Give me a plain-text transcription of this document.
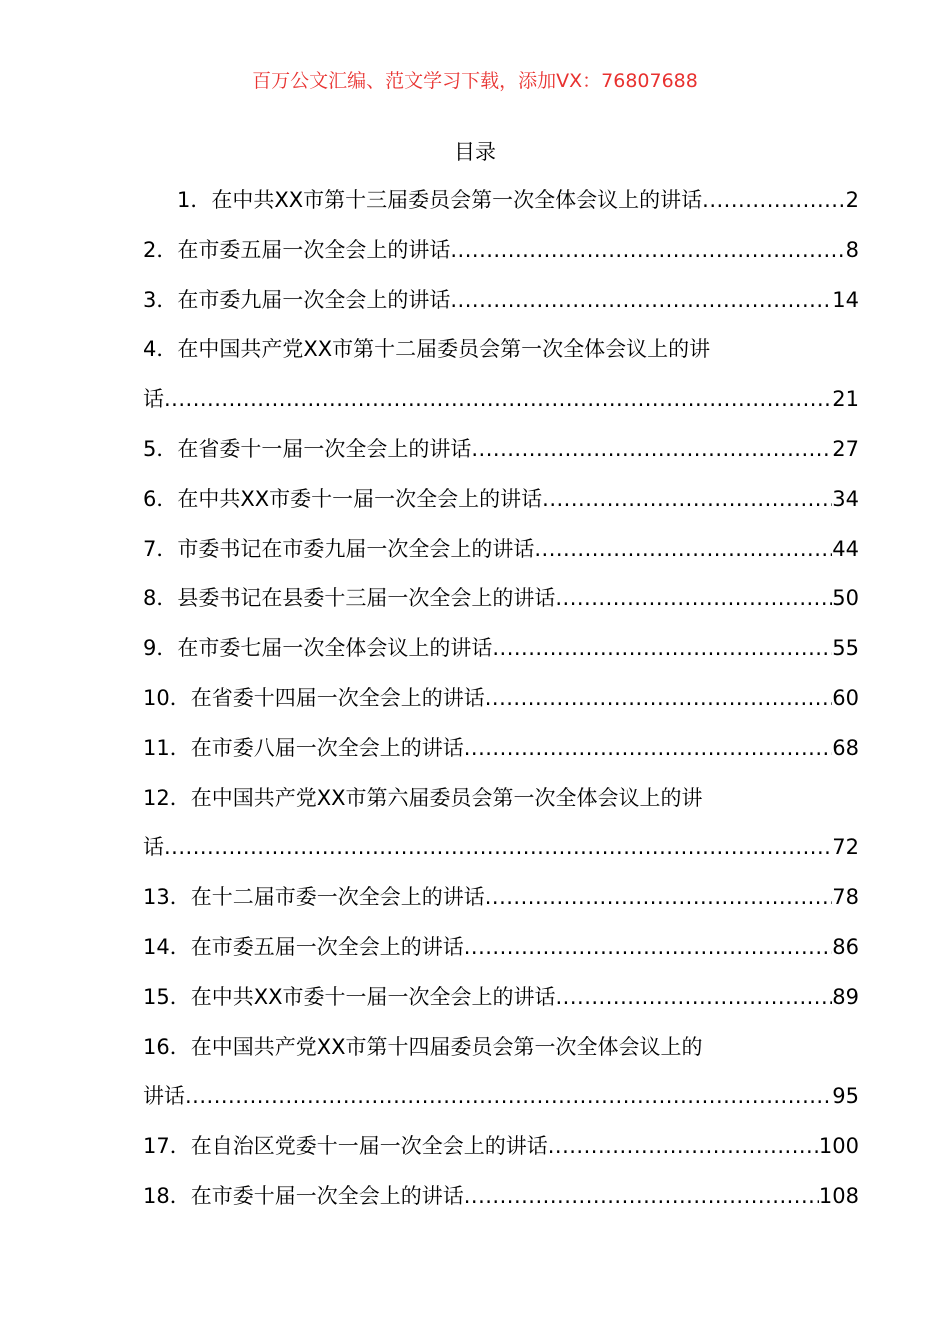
百万公文汇编、范文学习下载，添加VX：76807688
目录
1．在中共XX市第十三届委员会第一次全体会议上的讲话 .....	2
2．在市委五届一次全会上的讲话 .....	8
3．在市委九届一次全会上的讲话 .....	14
4．在中国共产党XX市第十二届委员会第一次全体会议上的讲
话 .....	21
5．在省委十一届一次全会上的讲话 .....	27
6．在中共XX市委十一届一次全会上的讲话 .....	34
7．市委书记在市委九届一次全会上的讲话 .....	44
8．县委书记在县委十三届一次全会上的讲话 .....	50
9．在市委七届一次全体会议上的讲话 .....	55
10．在省委十四届一次全会上的讲话 .....	60
11．在市委八届一次全会上的讲话 .....	68
12．在中国共产党XX市第六届委员会第一次全体会议上的讲
话 .....	72
13．在十二届市委一次全会上的讲话 .....	78
14．在市委五届一次全会上的讲话 .....	86
15．在中共XX市委十一届一次全会上的讲话 .....	89
16．在中国共产党XX市第十四届委员会第一次全体会议上的
讲话 .....	95
17．在自治区党委十一届一次全会上的讲话 .....	100
18．在市委十届一次全会上的讲话 .....	108
